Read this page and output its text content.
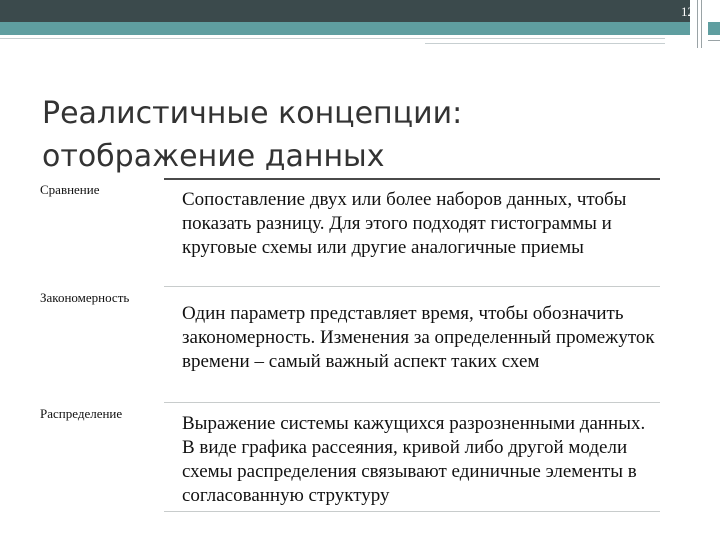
12
Реалистичные концепции: отображение данных
Сравнение	Сопоставление двух или более наборов данных, чтобы показать разницу. Для этого подходят гистограммы и круговые схемы или другие аналогичные приемы
Закономерность
Один параметр представляет время, чтобы обозначить закономерность. Изменения за определенный промежуток времени – самый важный аспект таких схем
Распределение	Выражение системы кажущихся разрозненными данных. В виде графика рассеяния, кривой либо другой модели схемы распределения связывают единичные элементы в согласованную структуру
